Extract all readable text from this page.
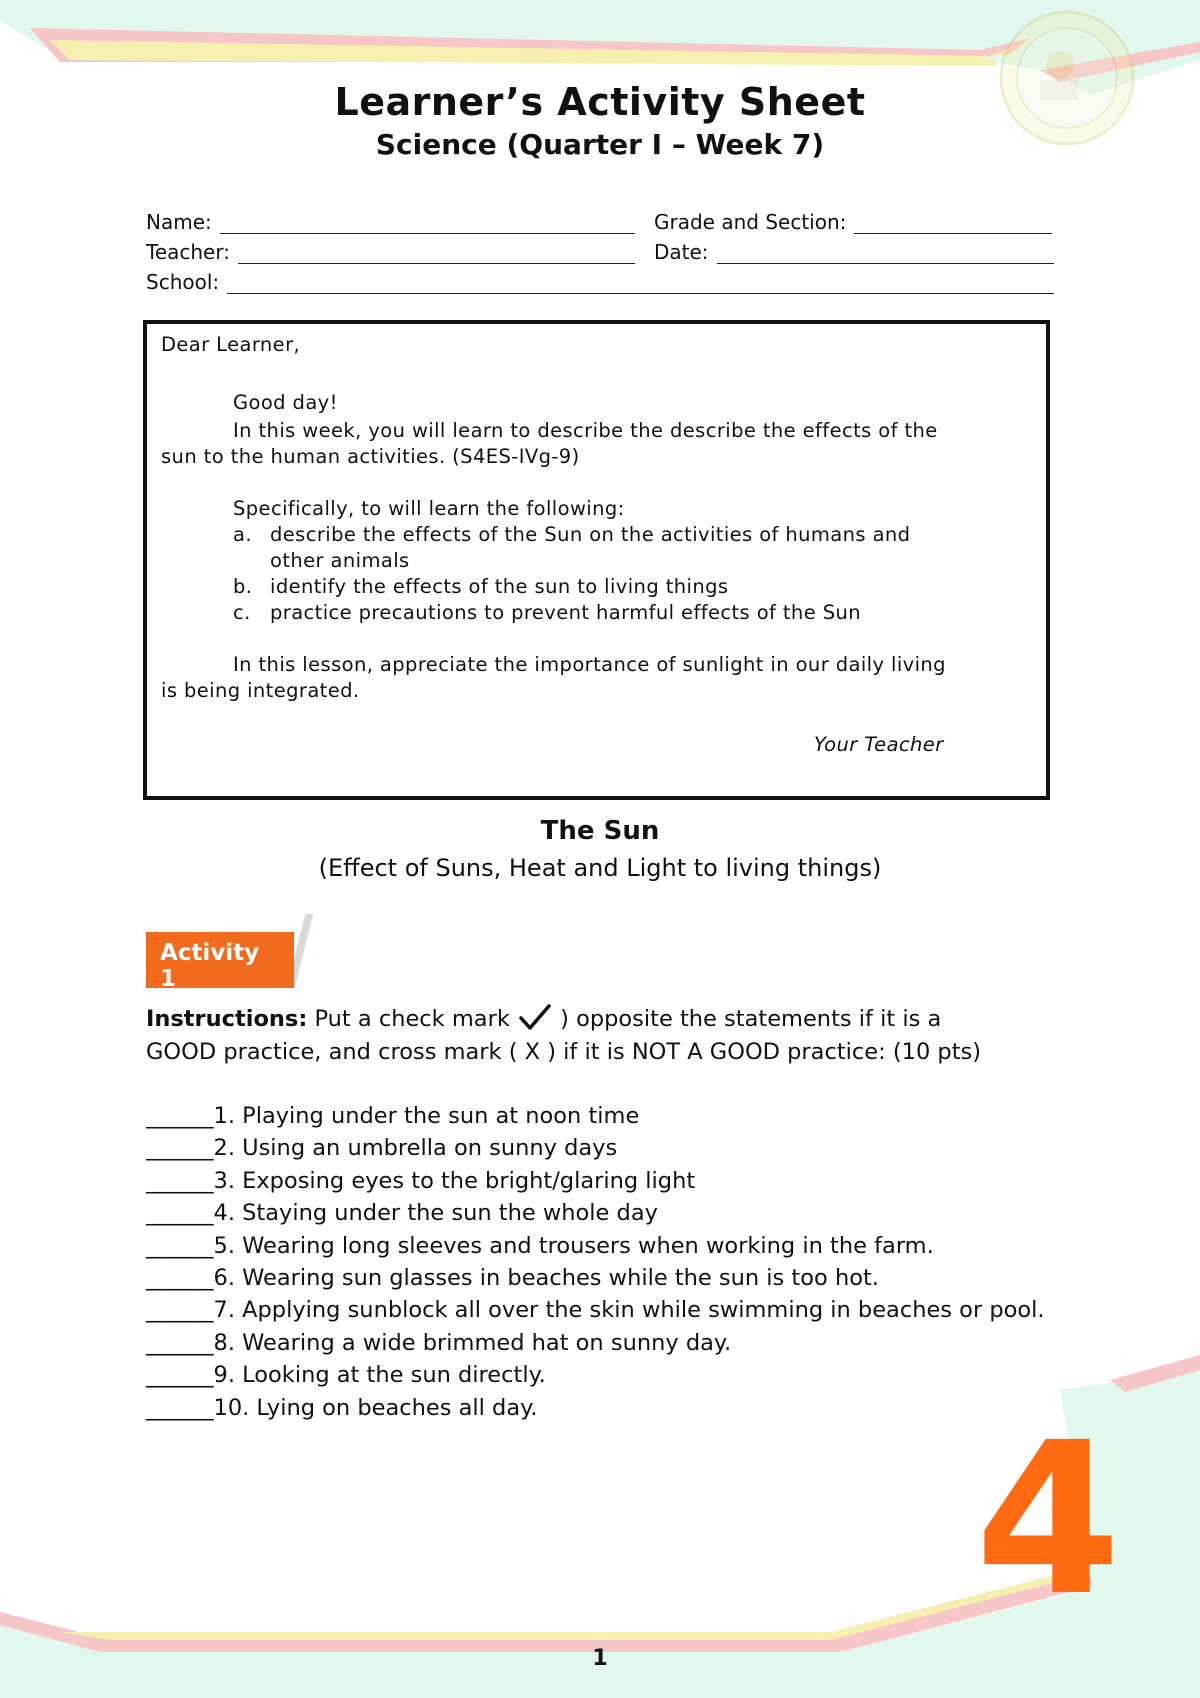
Learner’s Activity Sheet
Science (Quarter I – Week 7)
Name:	Grade and Section:
Teacher:	Date:
School:

Dear Learner,

Good day!

In this week, you will learn to describe the describe the effects of the

sun to the human activities. (S4ES-IVg-9)

Specifically, to will learn the following:

a. describe the effects of the Sun on the activities of humans and

other animals

b. identify the effects of the sun to living things

c. practice precautions to prevent harmful effects of the Sun

In this lesson, appreciate the importance of sunlight in our daily living

is being integrated.

Your Teacher

The Sun
(Effect of Suns, Heat and Light to living things)
Activity
1
Instructions: Put a check mark ) opposite the statements if it is a
GOOD practice, and cross mark ( X ) if it is NOT A GOOD practice: (10 pts)
______1. Playing under the sun at noon time
______2. Using an umbrella on sunny days
______3. Exposing eyes to the bright/glaring light
______4. Staying under the sun the whole day
______5. Wearing long sleeves and trousers when working in the farm.
______6. Wearing sun glasses in beaches while the sun is too hot.
______7. Applying sunblock all over the skin while swimming in beaches or pool.
______8. Wearing a wide brimmed hat on sunny day.
______9. Looking at the sun directly.
______10. Lying on beaches all day.	4
1
